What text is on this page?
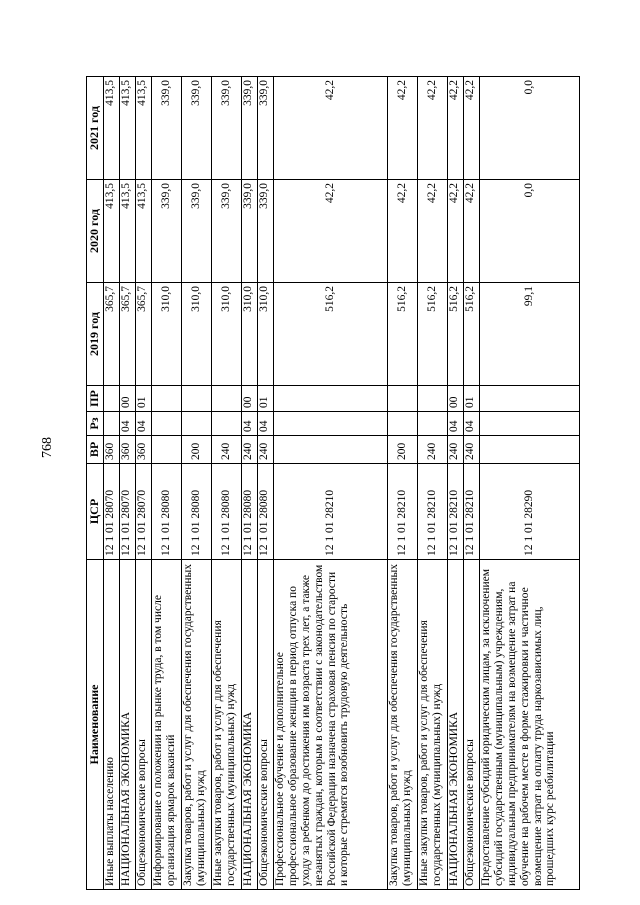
768
Наименование	ЦСР	ВР	Рз	ПР	2019 год	2020 год	2021 год
Иные выплаты населению	12 1 01 28070	360			365,7	413,5	413,5
НАЦИОНАЛЬНАЯ ЭКОНОМИКА	12 1 01 28070	360	04	00	365,7	413,5	413,5
Общеэкономические вопросы	12 1 01 28070	360	04	01	365,7	413,5	413,5
Информирование о положении на рынке труда, в том числе организация ярмарок вакансий	12 1 01 28080				310,0	339,0	339,0
Закупка товаров, работ и услуг для обеспечения государственных (муниципальных) нужд	12 1 01 28080	200			310,0	339,0	339,0
Иные закупки товаров, работ и услуг для обеспечения государственных (муниципальных) нужд	12 1 01 28080	240			310,0	339,0	339,0
НАЦИОНАЛЬНАЯ ЭКОНОМИКА	12 1 01 28080	240	04	00	310,0	339,0	339,0
Общеэкономические вопросы	12 1 01 28080	240	04	01	310,0	339,0	339,0
Профессиональное обучение и дополнительное профессиональное образование женщин в период отпуска по уходу за ребенком до достижения им возраста трех лет, а также незанятых граждан, которым в соответствии с законодательством Российской Федерации назначена страховая пенсия по старости и которые стремятся возобновить трудовую деятельность	12 1 01 28210				516,2	42,2	42,2
Закупка товаров, работ и услуг для обеспечения государственных (муниципальных) нужд	12 1 01 28210	200			516,2	42,2	42,2
Иные закупки товаров, работ и услуг для обеспечения государственных (муниципальных) нужд	12 1 01 28210	240			516,2	42,2	42,2
НАЦИОНАЛЬНАЯ ЭКОНОМИКА	12 1 01 28210	240	04	00	516,2	42,2	42,2
Общеэкономические вопросы	12 1 01 28210	240	04	01	516,2	42,2	42,2
Предоставление субсидий юридическим лицам, за исключением субсидий государственным (муниципальным) учреждениям, индивидуальным предпринимателям на возмещение затрат на обучение на рабочем месте в форме стажировки и частичное возмещение затрат на оплату труда наркозависимых лиц, прошедших курс реабилитации	12 1 01 28290				99,1	0,0	0,0
